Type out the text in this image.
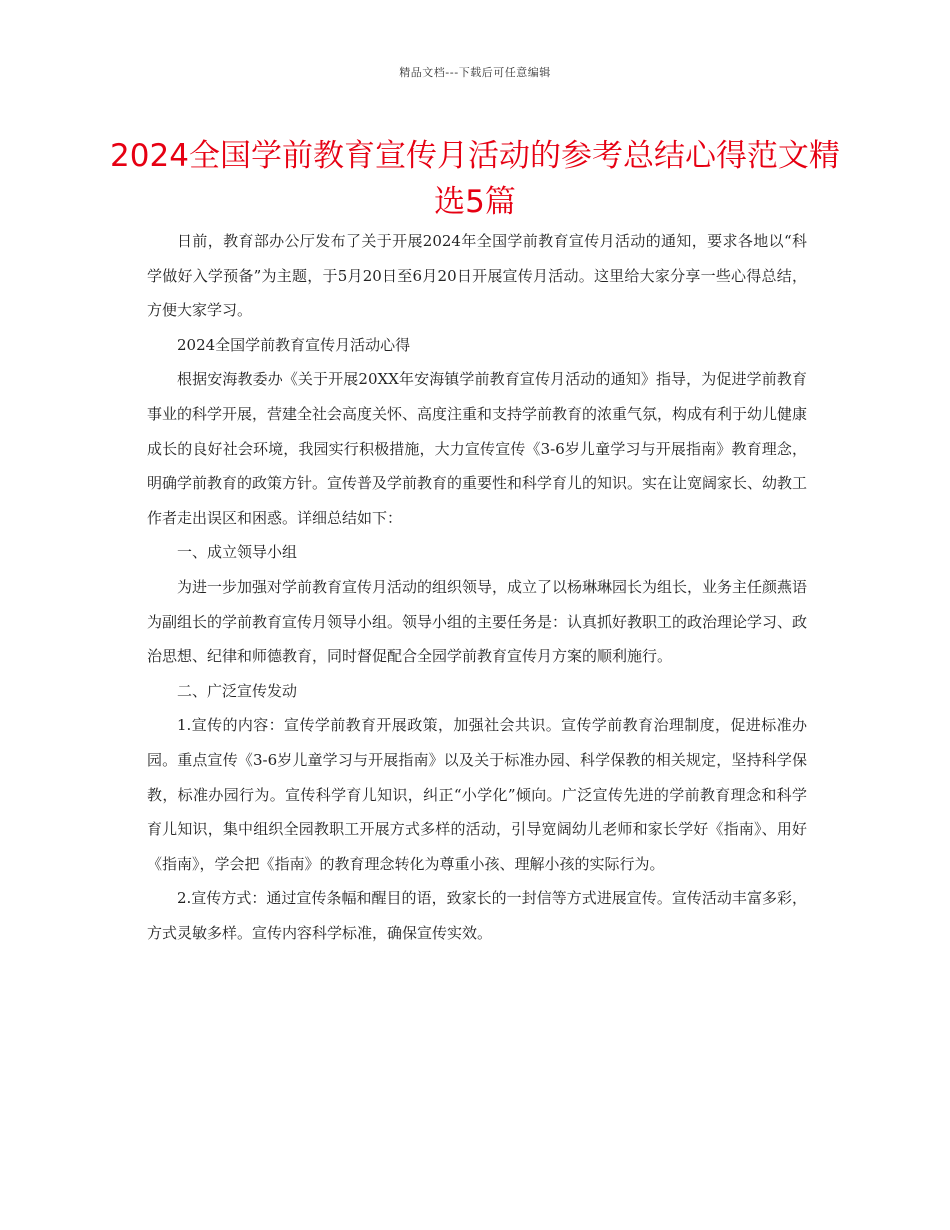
精品文档---下载后可任意编辑
2024全国学前教育宣传月活动的参考总结心得范文精选5篇

日前，教育部办公厅发布了关于开展2024年全国学前教育宣传月活动的通知，要求各地以“科学做好入学预备”为主题，于5月20日至6月20日开展宣传月活动。这里给大家分享一些心得总结，方便大家学习。

2024全国学前教育宣传月活动心得

根据安海教委办《关于开展20XX年安海镇学前教育宣传月活动的通知》指导，为促进学前教育事业的科学开展，营建全社会高度关怀、高度注重和支持学前教育的浓重气氛，构成有利于幼儿健康成长的良好社会环境，我园实行积极措施，大力宣传宣传《3-6岁儿童学习与开展指南》教育理念，明确学前教育的政策方针。宣传普及学前教育的重要性和科学育儿的知识。实在让宽阔家长、幼教工作者走出误区和困惑。详细总结如下：

一、成立领导小组

为进一步加强对学前教育宣传月活动的组织领导，成立了以杨琳琳园长为组长，业务主任颜燕语为副组长的学前教育宣传月领导小组。领导小组的主要任务是：认真抓好教职工的政治理论学习、政治思想、纪律和师德教育，同时督促配合全园学前教育宣传月方案的顺利施行。

二、广泛宣传发动

1.宣传的内容：宣传学前教育开展政策，加强社会共识。宣传学前教育治理制度，促进标准办园。重点宣传《3-6岁儿童学习与开展指南》以及关于标准办园、科学保教的相关规定，坚持科学保教，标准办园行为。宣传科学育儿知识，纠正“小学化”倾向。广泛宣传先进的学前教育理念和科学育儿知识，集中组织全园教职工开展方式多样的活动，引导宽阔幼儿老师和家长学好《指南》、用好《指南》，学会把《指南》的教育理念转化为尊重小孩、理解小孩的实际行为。

2.宣传方式：通过宣传条幅和醒目的语，致家长的一封信等方式进展宣传。宣传活动丰富多彩，方式灵敏多样。宣传内容科学标准，确保宣传实效。
